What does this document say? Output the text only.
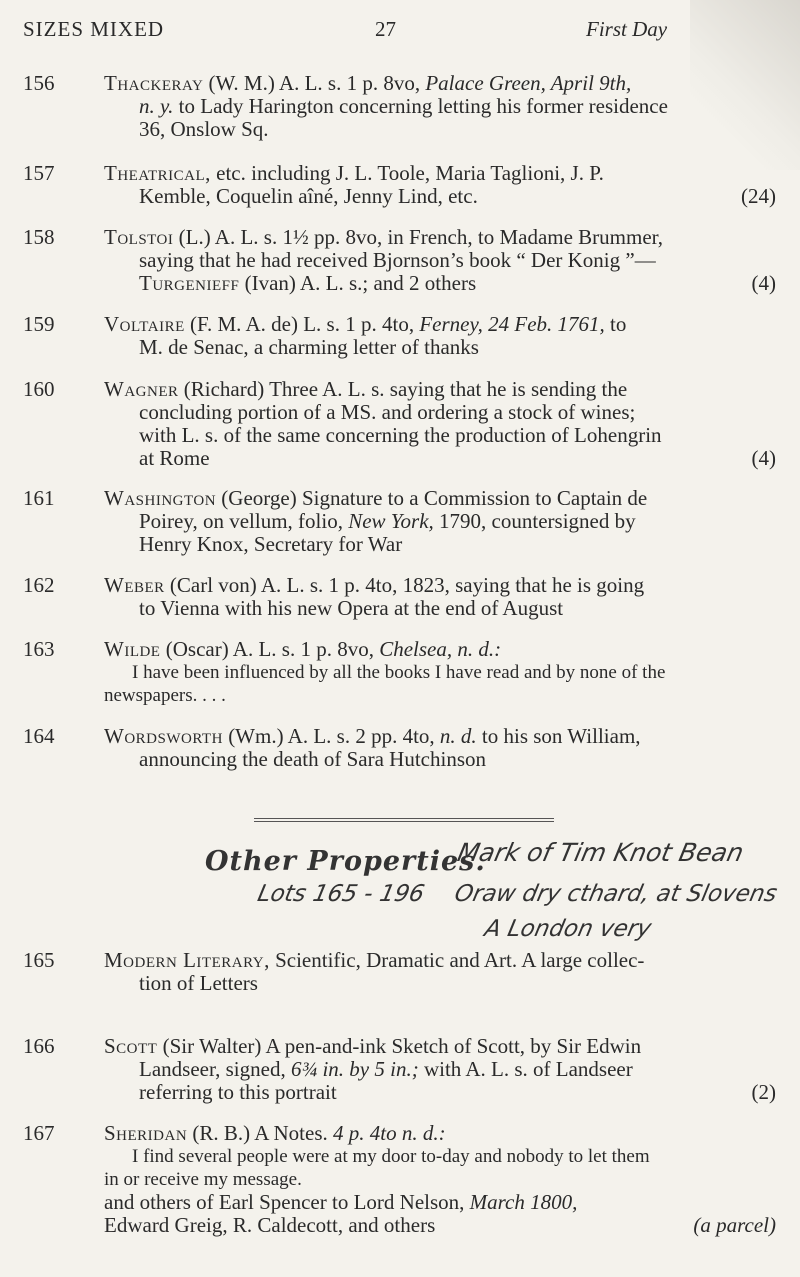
SIZES MIXED	27	First Day
156 Thackeray (W. M.) A. L. s. 1 p. 8vo, Palace Green, April 9th,

n. y. to Lady Harington concerning letting his former residence
36, Onslow Sq.
157 Theatrical, etc. including J. L. Toole, Maria Taglioni, J. P.

Kemble, Coquelin aîné, Jenny Lind, etc.	(24)
158 Tolstoi (L.) A. L. s. 1½ pp. 8vo, in French, to Madame Brummer,

saying that he had received Bjornson’s book “ Der Konig ”—
Turgenieff (Ivan) A. L. s.; and 2 others	(4)
159 Voltaire (F. M. A. de) L. s. 1 p. 4to, Ferney, 24 Feb. 1761, to

M. de Senac, a charming letter of thanks
160 Wagner (Richard) Three A. L. s. saying that he is sending the

concluding portion of a MS. and ordering a stock of wines;
with L. s. of the same concerning the production of Lohengrin
at Rome	(4)
161 Washington (George) Signature to a Commission to Captain de

Poirey, on vellum, folio, New York, 1790, countersigned by
Henry Knox, Secretary for War
162 Weber (Carl von) A. L. s. 1 p. 4to, 1823, saying that he is going

to Vienna with his new Opera at the end of August
163 Wilde (Oscar) A. L. s. 1 p. 8vo, Chelsea, n. d.:

I have been influenced by all the books I have read and by none of the
newspapers. . . .
164 Wordsworth (Wm.) A. L. s. 2 pp. 4to, n. d. to his son William,

announcing the death of Sara Hutchinson
Mark of Tim Knot Bean
Other Properties.
Lots 165 - 196 Oraw dry cthard, at Slovens
A London very
165 Modern Literary, Scientific, Dramatic and Art. A large collec-

tion of Letters
166 Scott (Sir Walter) A pen-and-ink Sketch of Scott, by Sir Edwin

Landseer, signed, 6¾ in. by 5 in.; with A. L. s. of Landseer
referring to this portrait	(2)
167 Sheridan (R. B.) A Notes. 4 p. 4to n. d.:

I find several people were at my door to-day and nobody to let them
in or receive my message.
and others of Earl Spencer to Lord Nelson, March 1800,
Edward Greig, R. Caldecott, and others	(a parcel)
